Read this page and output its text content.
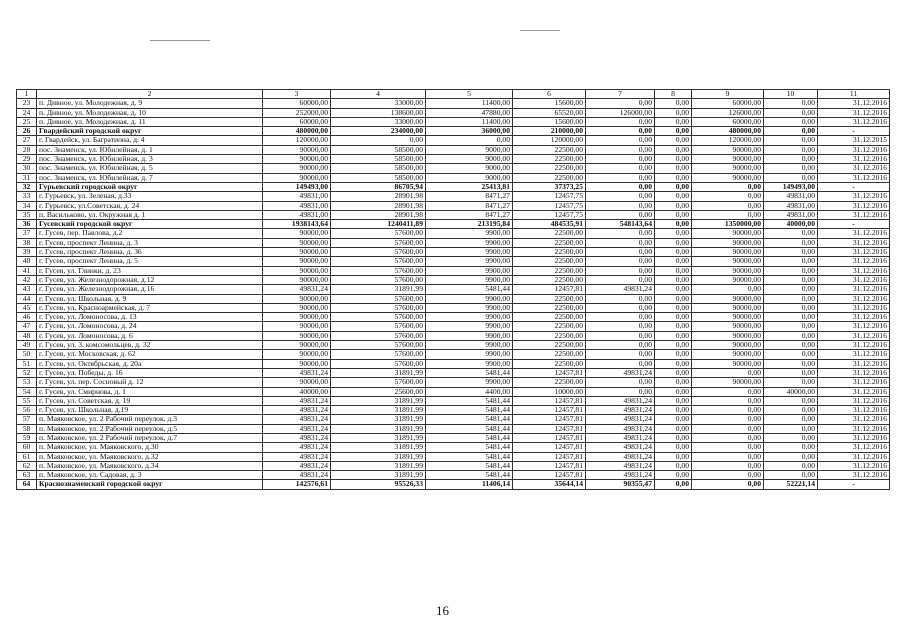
1	2	3	4	5	6	7	8	9	10	11
23	п. Дивное, ул. Молодежная, д. 9	60000,00	33000,00	11400,00	15600,00	0,00	0,00	60000,00	0,00	31.12.2016
24	п. Дивное, ул. Молодежная, д. 10	252000,00	138600,00	47880,00	65520,00	126000,00	0,00	126000,00	0,00	31.12.2016
25	п. Дивное, ул. Молодежная, д. 11	60000,00	33000,00	11400,00	15600,00	0,00	0,00	60000,00	0,00	31.12.2016
26	Гвардейский городской округ	480000,00	234000,00	36000,00	210000,00	0,00	0,00	480000,00	0,00	-
27	г. Гвардейск, ул. Багратиона, д. 4	120000,00	0,00	0,00	120000,00	0,00	0,00	120000,00	0,00	31.12.2015
28	пос. Знаменск, ул. Юбилейная, д. 1	90000,00	58500,00	9000,00	22500,00	0,00	0,00	90000,00	0,00	31.12.2016
29	пос. Знаменск, ул. Юбилейная, д. 3	90000,00	58500,00	9000,00	22500,00	0,00	0,00	90000,00	0,00	31.12.2016
30	пос. Знаменск, ул. Юбилейная, д. 5	90000,00	58500,00	9000,00	22500,00	0,00	0,00	90000,00	0,00	31.12.2016
31	пос. Знаменск, ул. Юбилейная, д. 7	90000,00	58500,00	9000,00	22500,00	0,00	0,00	90000,00	0,00	31.12.2016
32	Гурьевский городской округ	149493,00	86705,94	25413,81	37373,25	0,00	0,00	0,00	149493,00	-
33	г. Гурьевск, ул. Зеленая, д.33	49831,00	28901,98	8471,27	12457,75	0,00	0,00	0,00	49831,00	31.12.2016
34	г. Гурьевск, ул.Советская, д. 24	49831,00	28901,98	8471,27	12457,75	0,00	0,00	0,00	49831,00	31.12.2016
35	п. Васильково, ул. Окружная д. 1	49831,00	28901,98	8471,27	12457,75	0,00	0,00	0,00	49831,00	31.12.2016
36	Гусевский городской округ	1938143,64	1240411,89	213195,84	484535,91	548143,64	0,00	1350000,00	40000,00	-
37	г. Гусев, пер. Павлова, д.2	90000,00	57600,00	9900,00	22500,00	0,00	0,00	90000,00	0,00	31.12.2016
38	г. Гусев, проспект Ленина, д. 3	90000,00	57600,00	9900,00	22500,00	0,00	0,00	90000,00	0,00	31.12.2016
39	г. Гусев, проспект Ленина, д. 36	90000,00	57600,00	9900,00	22500,00	0,00	0,00	90000,00	0,00	31.12.2016
40	г. Гусев, проспект Ленина, д. 5	90000,00	57600,00	9900,00	22500,00	0,00	0,00	90000,00	0,00	31.12.2016
41	г. Гусев, ул. Глинки, д. 23	90000,00	57600,00	9900,00	22500,00	0,00	0,00	90000,00	0,00	31.12.2016
42	г. Гусев, ул. Железнодорожная, д.12	90000,00	57600,00	9900,00	22500,00	0,00	0,00	90000,00	0,00	31.12.2016
43	г. Гусев, ул. Железнодорожная, д.16	49831,24	31891,99	5481,44	12457,81	49831,24	0,00	0,00	0,00	31.12.2016
44	г. Гусев, ул. Школьная, д. 9	90000,00	57600,00	9900,00	22500,00	0,00	0,00	90000,00	0,00	31.12.2016
45	г. Гусев, ул. Красноармейская, д. 7	90000,00	57600,00	9900,00	22500,00	0,00	0,00	90000,00	0,00	31.12.2016
46	г. Гусев, ул. Ломоносова, д. 13	90000,00	57600,00	9900,00	22500,00	0,00	0,00	90000,00	0,00	31.12.2016
47	г. Гусев, ул. Ломоносова, д. 24	90000,00	57600,00	9900,00	22500,00	0,00	0,00	90000,00	0,00	31.12.2016
48	г. Гусев, ул. Ломоносова, д. 6	90000,00	57600,00	9900,00	22500,00	0,00	0,00	90000,00	0,00	31.12.2016
49	г. Гусев, ул. 3. комсомольцев, д. 32	90000,00	57600,00	9900,00	22500,00	0,00	0,00	90000,00	0,00	31.12.2016
50	г. Гусев, ул. Московская, д. 62	90000,00	57600,00	9900,00	22500,00	0,00	0,00	90000,00	0,00	31.12.2016
51	г. Гусев, ул. Октябрьская, д. 20а	90000,00	57600,00	9900,00	22500,00	0,00	0,00	90000,00	0,00	31.12.2016
52	г. Гусев, ул. Победы, д. 16	49831,24	31891,99	5481,44	12457,81	49831,24	0,00	0,00	0,00	31.12.2016
53	г. Гусев, ул. пер. Сосновый д. 12	90000,00	57600,00	9900,00	22500,00	0,00	0,00	90000,00	0,00	31.12.2016
54	г. Гусев, ул. Смирнова, д. 1	40000,00	25600,00	4400,00	10000,00	0,00	0,00	0,00	40000,00	31.12.2016
55	г. Гусев, ул. Советская, д. 19	49831,24	31891,99	5481,44	12457,81	49831,24	0,00	0,00	0,00	31.12.2016
56	г. Гусев, ул. Школьная, д.19	49831,24	31891,99	5481,44	12457,81	49831,24	0,00	0,00	0,00	31.12.2016
57	п. Маяковское, ул. 2 Рабочий переулок, д.3	49831,24	31891,99	5481,44	12457,81	49831,24	0,00	0,00	0,00	31.12.2016
58	п. Маяковское, ул. 2 Рабочий переулок, д.5	49831,24	31891,99	5481,44	12457,81	49831,24	0,00	0,00	0,00	31.12.2016
59	п. Маяковское, ул. 2 Рабочий переулок, д.7	49831,24	31891,99	5481,44	12457,81	49831,24	0,00	0,00	0,00	31.12.2016
60	п. Маяковское, ул. Маяковского, д.30	49831,24	31891,99	5481,44	12457,81	49831,24	0,00	0,00	0,00	31.12.2016
61	п. Маяковское, ул. Маяковского, д.32	49831,24	31891,99	5481,44	12457,81	49831,24	0,00	0,00	0,00	31.12.2016
62	п. Маяковское, ул. Маяковского, д.34	49831,24	31891,99	5481,44	12457,81	49831,24	0,00	0,00	0,00	31.12.2016
63	п. Маяковское, ул. Садовая, д. 3	49831,24	31891,99	5481,44	12457,81	49831,24	0,00	0,00	0,00	31.12.2016
64	Краснознаменский городской округ	142576,61	95526,33	11406,14	35644,14	90355,47	0,00	0,00	52221,14	-
16
